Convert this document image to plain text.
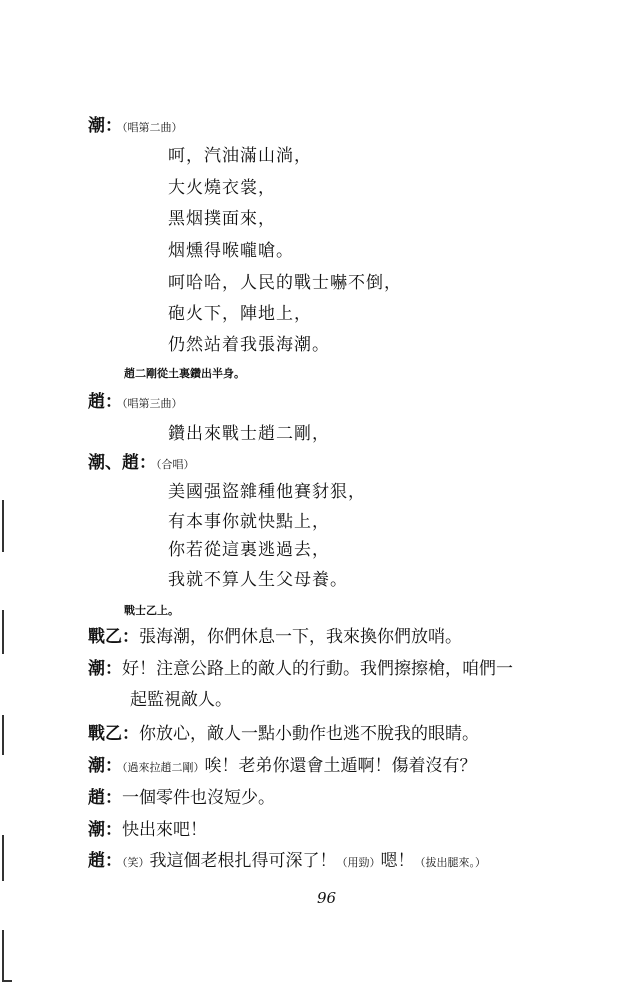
潮：（唱第二曲）
呵，汽油滿山淌，
大火燒衣裳，
黑烟撲面來，
烟燻得喉嚨嗆。
呵哈哈，人民的戰士嚇不倒，
砲火下，陣地上，
仍然站着我張海潮。
趙二剛從土裏鑽出半身。
趙：（唱第三曲）
鑽出來戰士趙二剛，
潮、趙：（合唱）
美國强盜雜種他賽豺狠，
有本事你就快點上，
你若從這裏逃過去，
我就不算人生父母養。
戰士乙上。
戰乙：張海潮，你們休息一下，我來換你們放哨。
潮：好！注意公路上的敵人的行動。我們擦擦槍，咱們一
起監視敵人。
戰乙：你放心，敵人一點小動作也逃不脫我的眼睛。
潮：（過來拉趙二剛）唉！老弟你還會土遁啊！傷着沒有？
趙：一個零件也沒短少。
潮：快出來吧！
趙：（笑）我這個老根扎得可深了！（用勁）嗯！（拔出腿來。）
96
